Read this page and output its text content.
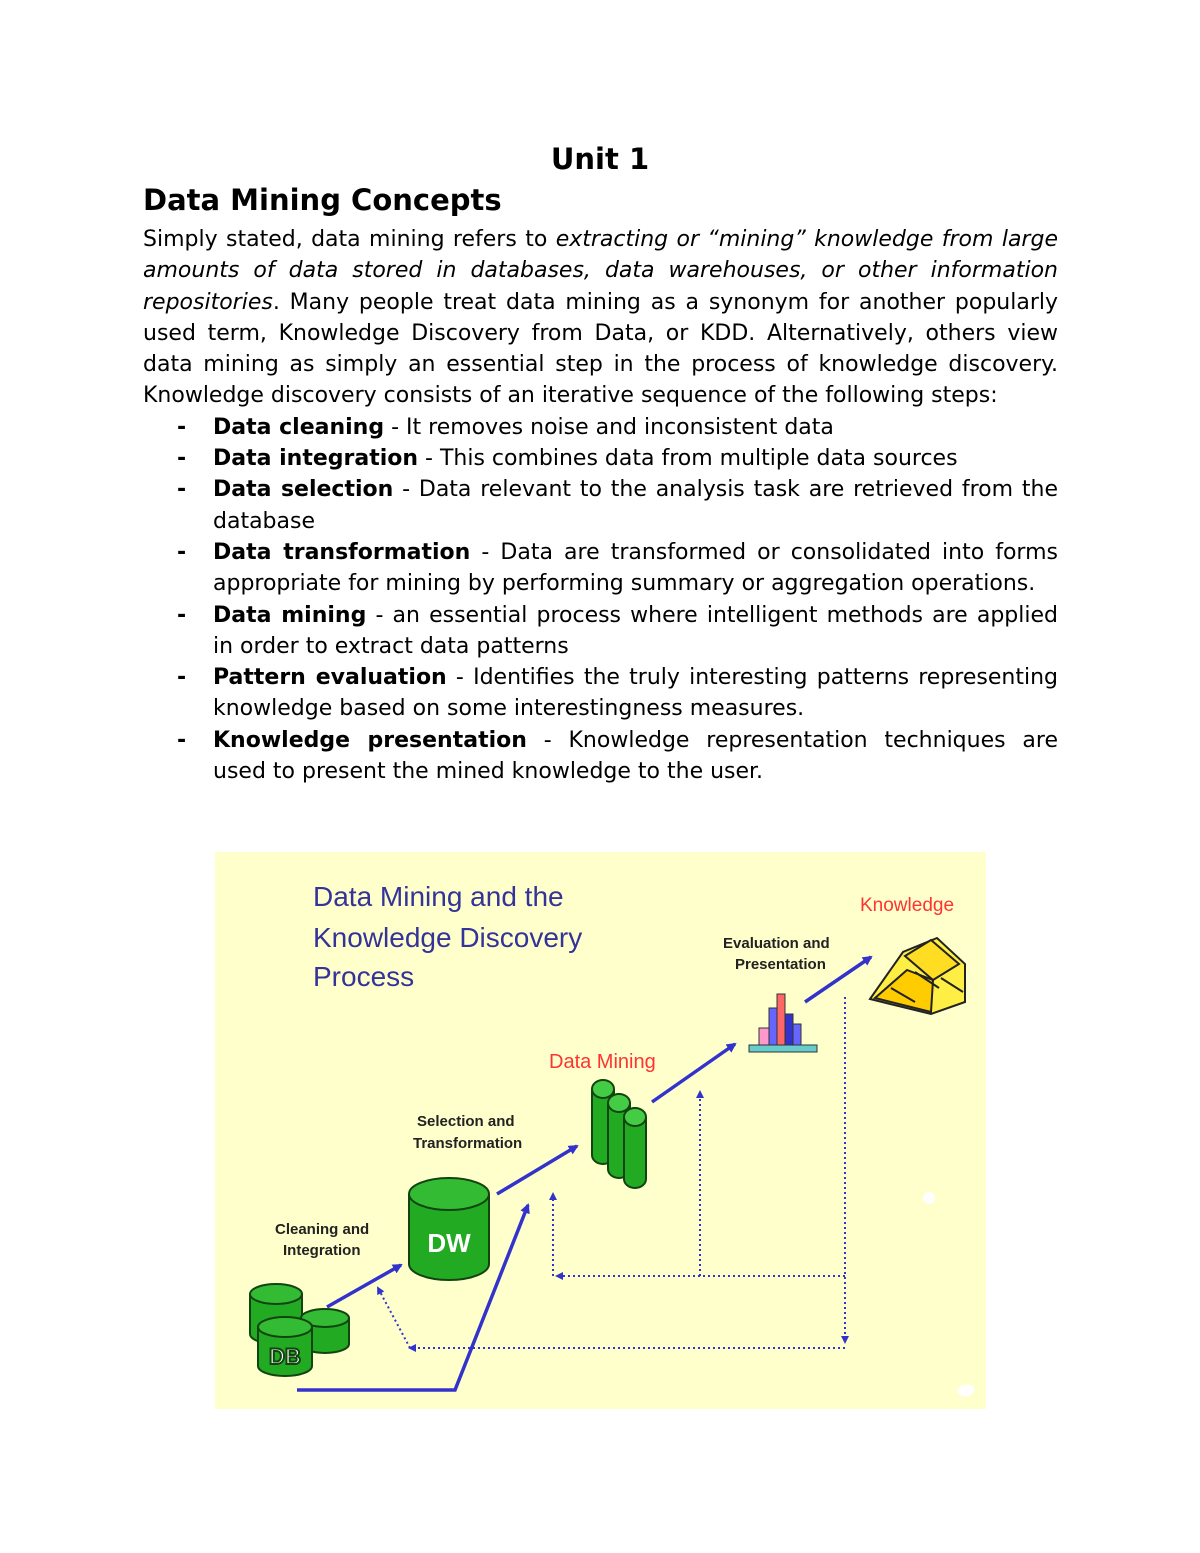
Unit 1
Data Mining Concepts

Simply stated, data mining refers to extracting or “mining” knowledge from large amounts of data stored in databases, data warehouses, or other information repositories. Many people treat data mining as a synonym for another popularly used term, Knowledge Discovery from Data, or KDD. Alternatively, others view data mining as simply an essential step in the process of knowledge discovery. Knowledge discovery consists of an iterative sequence of the following steps:

- Data cleaning - It removes noise and inconsistent data
- Data integration - This combines data from multiple data sources
- Data selection - Data relevant to the analysis task are retrieved from the database
- Data transformation - Data are transformed or consolidated into forms appropriate for mining by performing summary or aggregation operations.
- Data mining - an essential process where intelligent methods are applied in order to extract data patterns
- Pattern evaluation - Identifies the truly interesting patterns representing knowledge based on some interestingness measures.
- Knowledge presentation - Knowledge representation techniques are used to present the mined knowledge to the user.
Data Mining and the
Knowledge Discovery
Process
Knowledge
Evaluation and
Presentation
Selection and
Transformation
Cleaning and
Integration
Data Mining
DW
DB
